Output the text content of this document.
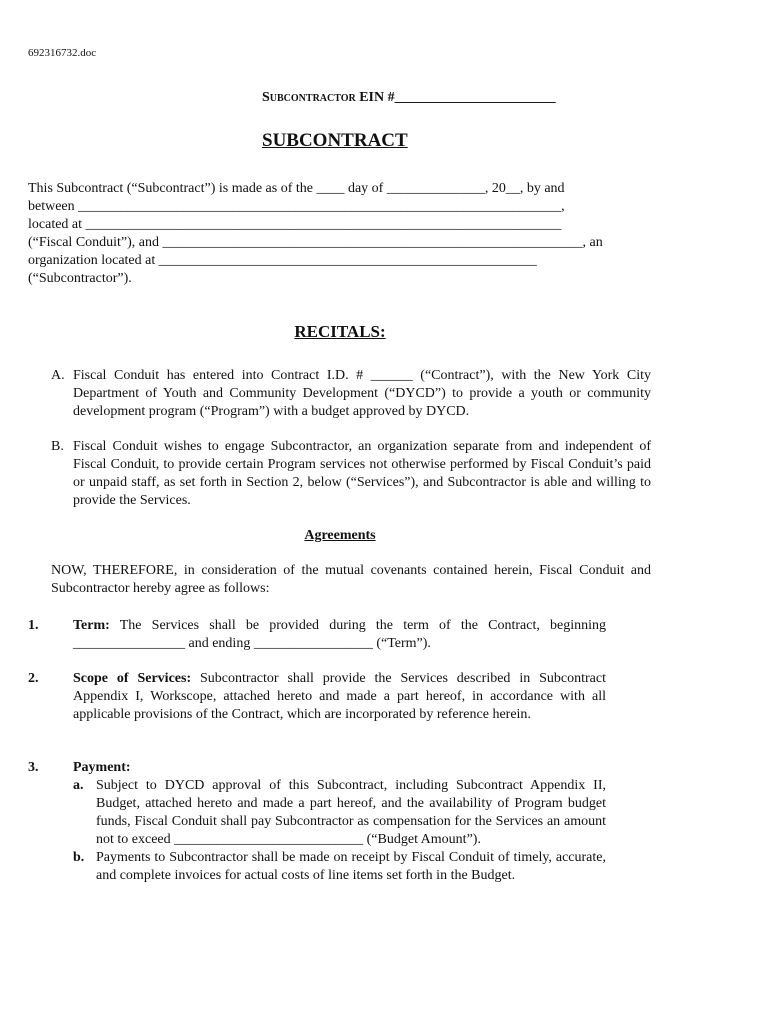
692316732.doc
Subcontractor EIN #_______________________
SUBCONTRACT
This Subcontract (“Subcontract”) is made as of the ____ day of ______________, 20__, by and
between _____________________________________________________________________,
located at ____________________________________________________________________
(“Fiscal Conduit”), and ____________________________________________________________, an
organization located at ______________________________________________________
(“Subcontractor”).
RECITALS:
A. Fiscal Conduit has entered into Contract I.D. # ______ (“Contract”), with the New York City Department of Youth and Community Development (“DYCD”) to provide a youth or community development program (“Program”) with a budget approved by DYCD.
B. Fiscal Conduit wishes to engage Subcontractor, an organization separate from and independent of Fiscal Conduit, to provide certain Program services not otherwise performed by Fiscal Conduit’s paid or unpaid staff, as set forth in Section 2, below (“Services”), and Subcontractor is able and willing to provide the Services.
Agreements
NOW, THEREFORE, in consideration of the mutual covenants contained herein, Fiscal Conduit and Subcontractor hereby agree as follows:
1. Term: The Services shall be provided during the term of the Contract, beginning ________________ and ending _________________ (“Term”).
2. Scope of Services: Subcontractor shall provide the Services described in Subcontract Appendix I, Workscope, attached hereto and made a part hereof, in accordance with all applicable provisions of the Contract, which are incorporated by reference herein.
3. Payment:
a. Subject to DYCD approval of this Subcontract, including Subcontract Appendix II, Budget, attached hereto and made a part hereof, and the availability of Program budget funds, Fiscal Conduit shall pay Subcontractor as compensation for the Services an amount not to exceed ___________________________ (“Budget Amount”).
b. Payments to Subcontractor shall be made on receipt by Fiscal Conduit of timely, accurate, and complete invoices for actual costs of line items set forth in the Budget.
